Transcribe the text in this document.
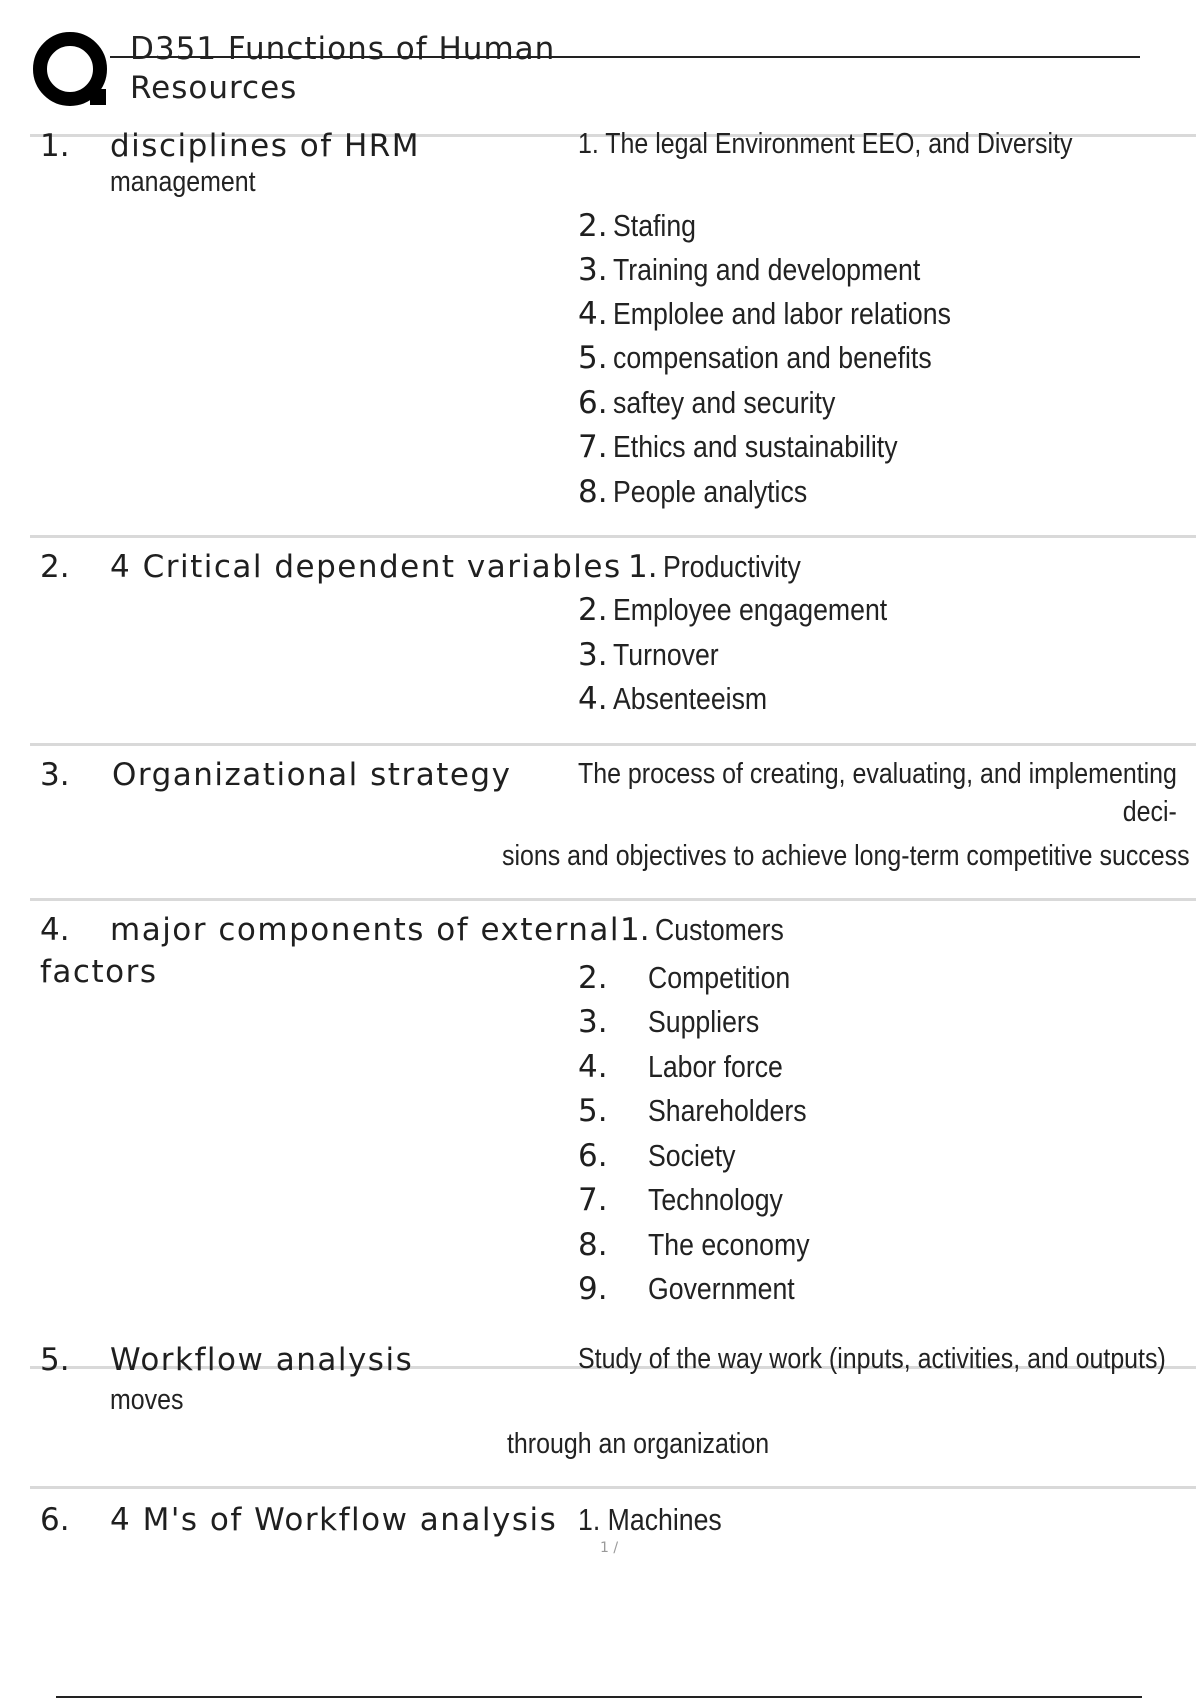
D351 Functions of Human
Resources
1. disciplines of HRM
management
1. The legal Environment EEO, and Diversity
2. Stafing
3. Training and development
4. Emplolee and labor relations
5. compensation and benefits
6. saftey and security
7. Ethics and sustainability
8. People analytics
2. 4 Critical dependent variables 1. Productivity
2. Employee engagement
3. Turnover
4. Absenteeism
3. Organizational strategy The process of creating, evaluating, and implementing
deci-
sions and objectives to achieve long-term competitive success
4. major components of external
factors
1. Customers
2. Competition
3. Suppliers
4. Labor force
5. Shareholders
6. Society
7. Technology
8. The economy
9. Government
5. Workflow analysis	Study of the way work (inputs, activities, and outputs)
moves
through an organization
6. 4 M's of Workflow analysis 1. Machines
1 /
